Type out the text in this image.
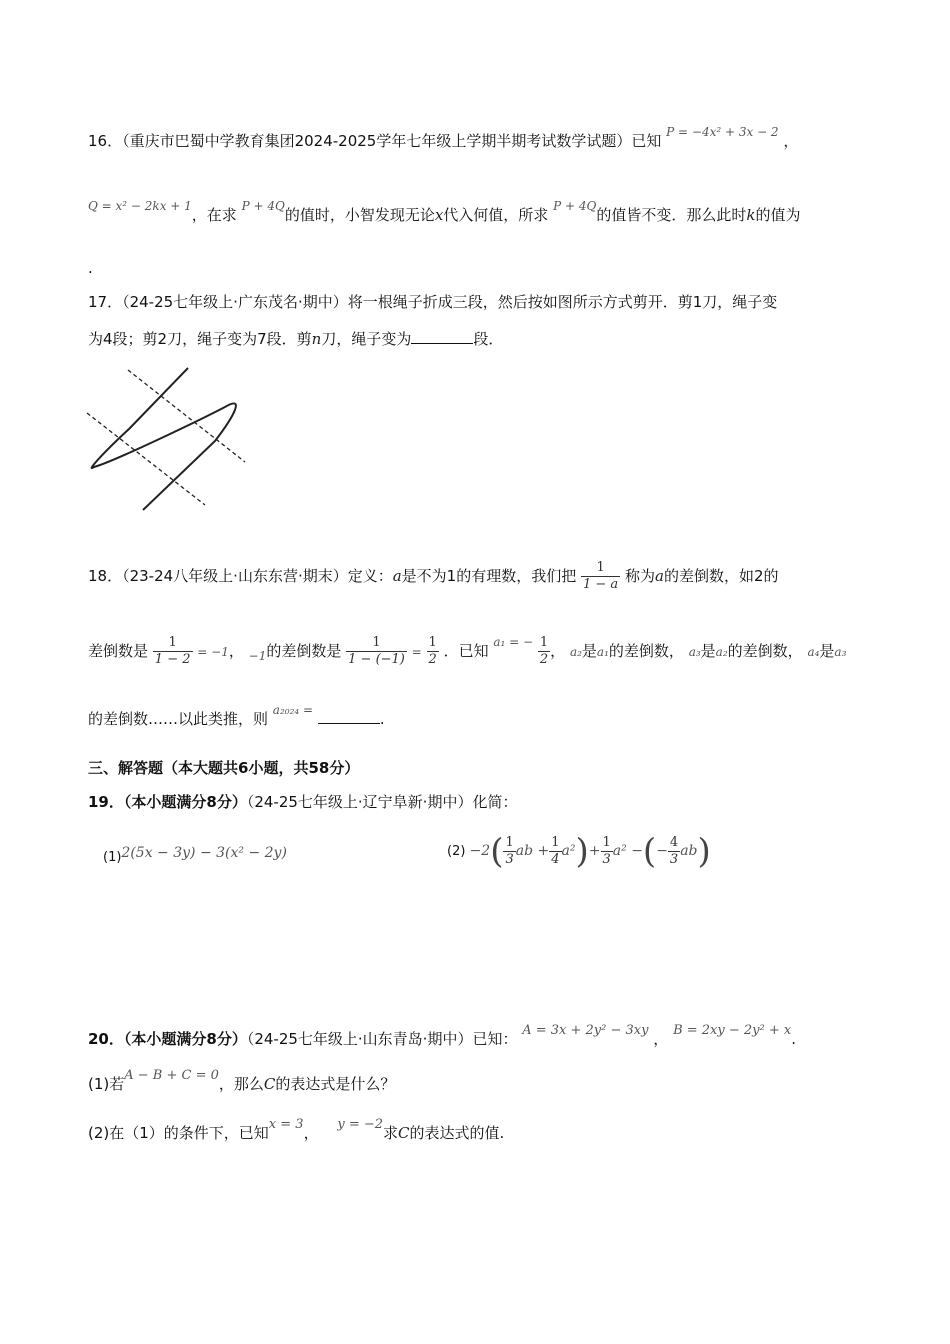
16．（重庆市巴蜀中学教育集团2024-2025学年七年级上学期半期考试数学试题）已知 $^{P = -4x^2 + 3x - 2}$ ，
$^{Q = x^2 - 2kx + 1}$，在求 $^{P + 4Q}$的值时，小智发现无论x代入何值，所求 $^{P + 4Q}$的值皆不变．那么此时k的值为
.
17．（24-25七年级上·广东茂名·期中）将一根绳子折成三段，然后按如图所示方式剪开．剪1刀，绳子变
为4段；剪2刀，绳子变为7段．剪n刀，绳子变为	段．
18．（23-24八年级上·山东东营·期末）定义：a是不为1的有理数，我们把 $\frac{1}{1 - a}$ 称为a的差倒数，如2的
差倒数是 $\frac{1}{1 - 2} = -1$， $_{-1}$的差倒数是 $\frac{1}{1 - (-1)} = \frac{1}{2}$ ．已知 $^{a_1 = -} \frac{1}{2}$ ， a₂是a₁的差倒数， a₃是a₂的差倒数， a₄是a₃
的差倒数……以此类推，则 $^{a_{2024} =}$	.
三、解答题（本大题共6小题，共58分）
19．（本小题满分8分）（24-25七年级上·辽宁阜新·期中）化简：
(1)2(5x − 3y) − 3(x² − 2y)	$(2) -2( \frac{1}{3}$ ab + $\frac{1}{4} a^2)+ \frac{1}{3} a^2$ −(− $\frac{4}{3} ab$)
20．（本小题满分8分）（24-25七年级上·山东青岛·期中）已知： A = 3x + 2y² − 3xy ， B = 2xy − 2y² + x.
(1)若A − B + C = 0，那么C的表达式是什么？
(2)在（1）的条件下，已知x = 3， y = −2求C的表达式的值.
